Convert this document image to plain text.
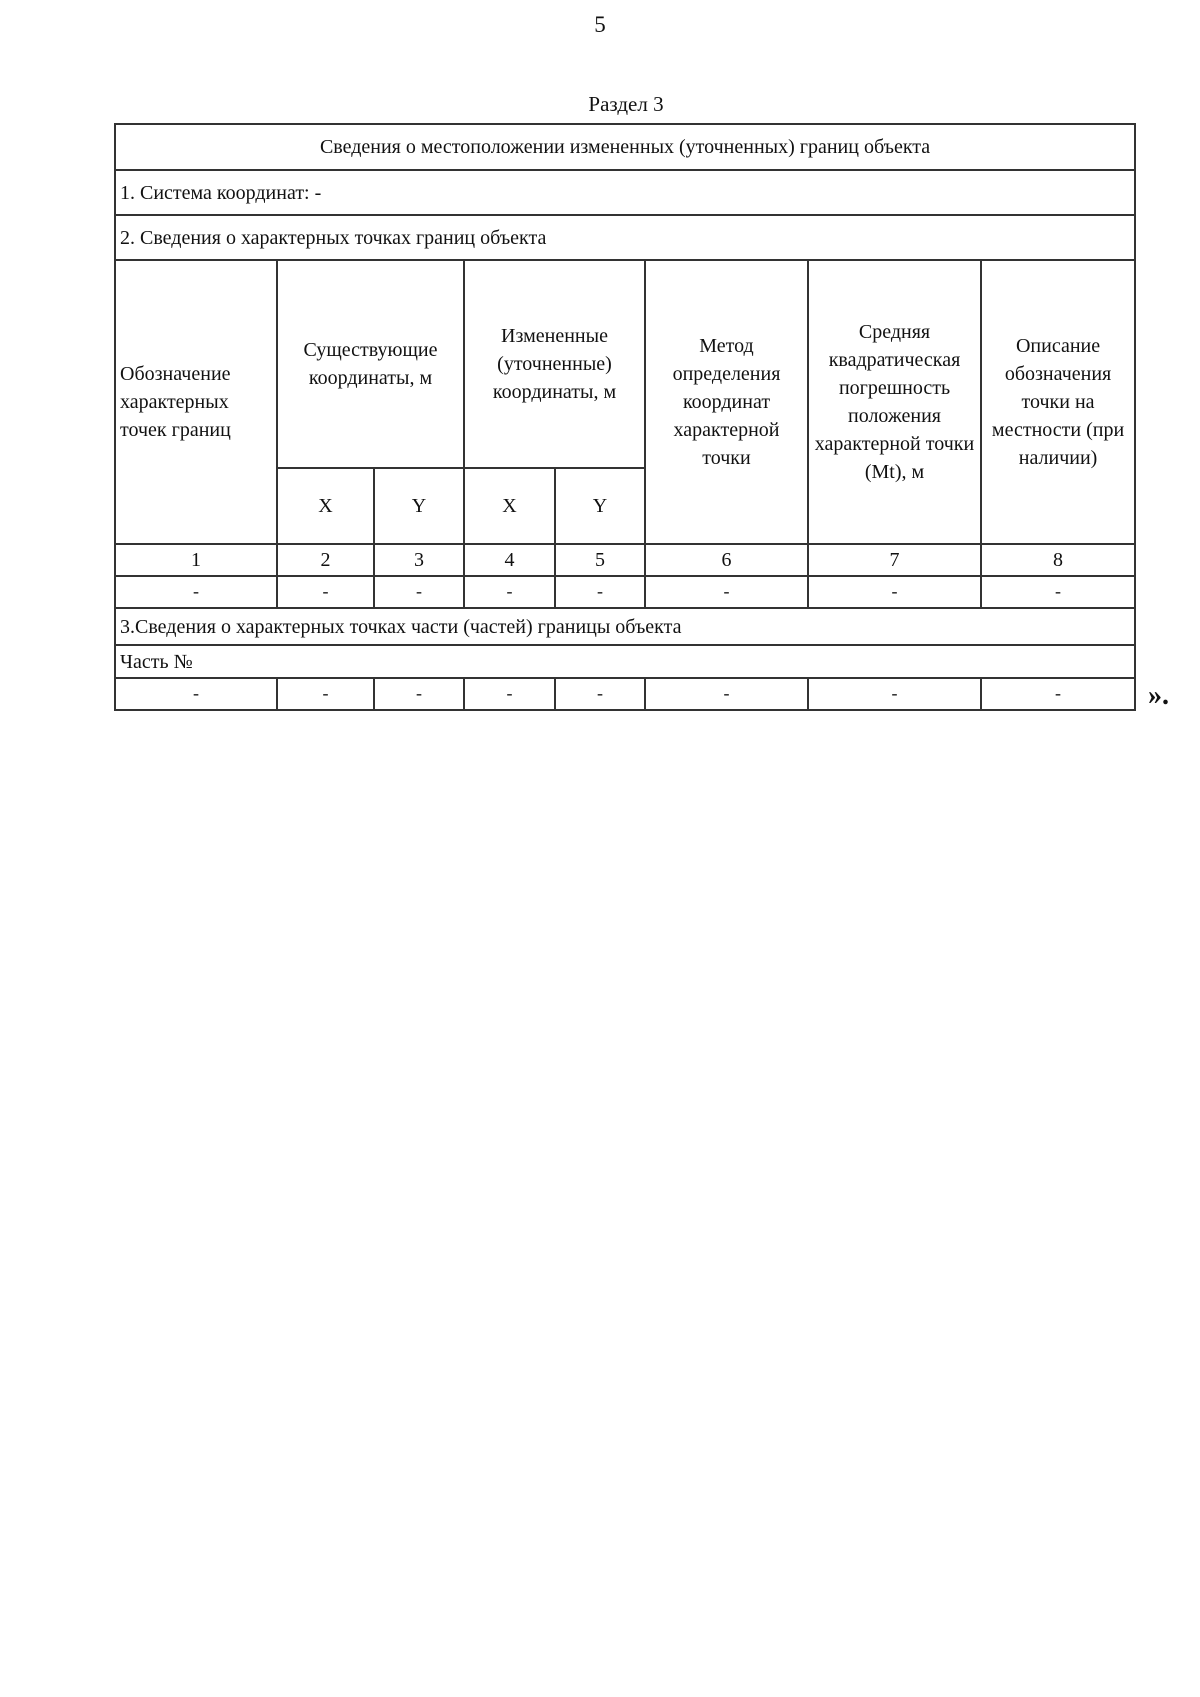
5
Раздел 3
Сведения о местоположении измененных (уточненных) границ объекта							
1. Система координат: -							
2. Сведения о характерных точках границ объекта							
Обозначение характерных точек границ	Существующие координаты, м		Измененные (уточненные) координаты, м		Метод определения координат характерной точки	Средняя квадратическая погрешность положения характерной точки (Mt), м	Описание обозначения точки на местности (при наличии)
	X	Y	X	Y			
1	2	3	4	5	6	7	8
-	-	-	-	-	-	-	-
3.Сведения о характерных точках части (частей) границы объекта							
Часть №							
-	-	-	-	-	-	-	-	».
